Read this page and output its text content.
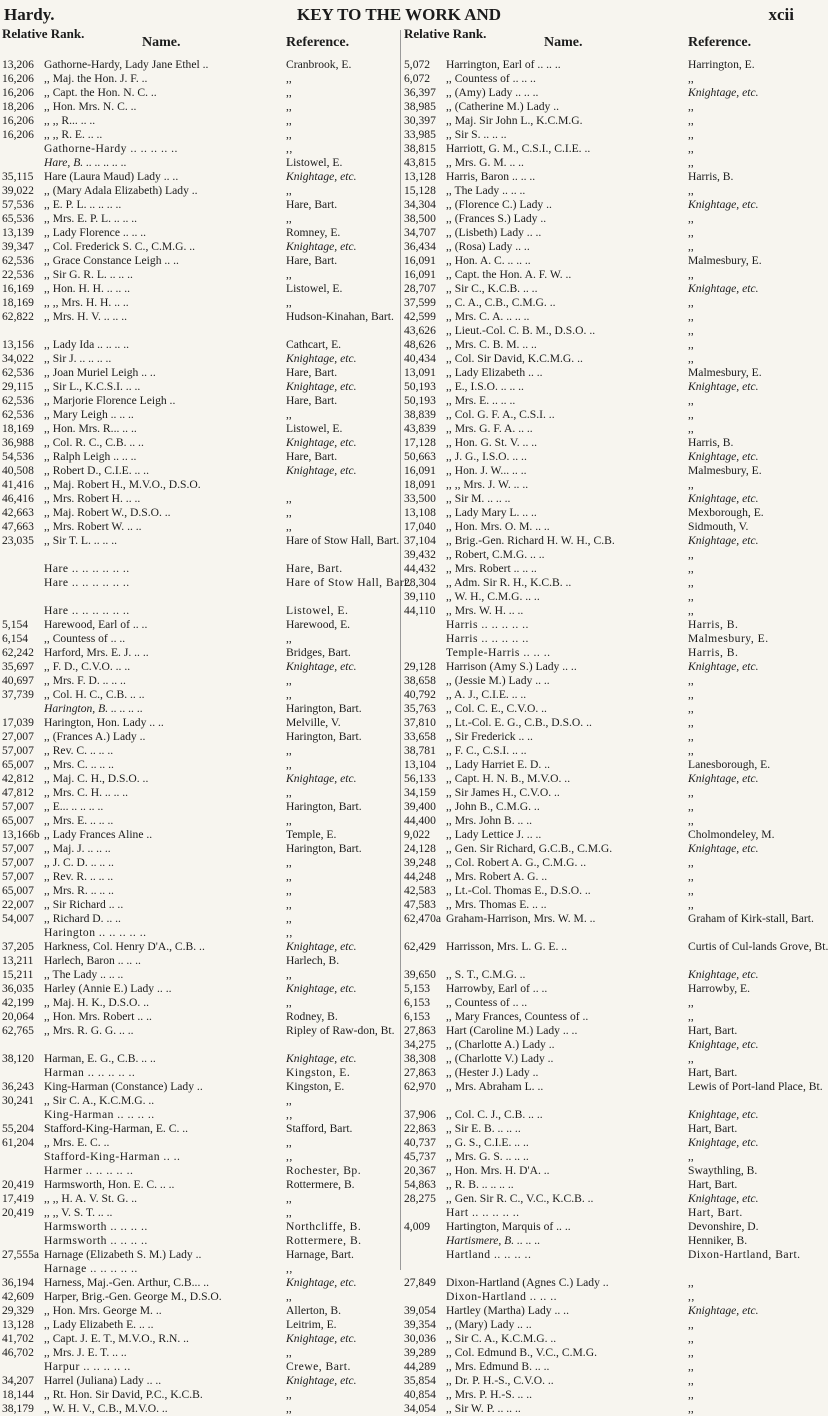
KEY TO THE WORK AND
Hardy.	xcii
Relative Rank.
Name.	Reference.
13,206 Gathorne-Hardy, Lady Jane Ethel ..	Cranbrook, E.
16,206 ,, Maj. the Hon. J. F. ..	,,
16,206 ,, Capt. the Hon. N. C. ..	,,
18,206 ,, Hon. Mrs. N. C. ..	,,
16,206 ,, ,, R... .. ..	,,
16,206 ,, ,, R. E. .. ..	,,
Gathorne-Hardy .. .. .. .. ..	,,
Hare, B. .. .. .. .. ..	Listowel, E.
35,115 Hare (Laura Maud) Lady .. ..	Knightage, etc.
39,022 ,, (Mary Adala Elizabeth) Lady ..	,,
57,536 ,, E. P. L. .. .. .. ..	Hare, Bart.
65,536 ,, Mrs. E. P. L. .. .. ..	,,
13,139 ,, Lady Florence .. .. ..	Romney, E.
39,347 ,, Col. Frederick S. C., C.M.G. ..	Knightage, etc.
62,536 ,, Grace Constance Leigh .. ..	Hare, Bart.
22,536 ,, Sir G. R. L. .. .. ..	,,
16,169 ,, Hon. H. H. .. .. ..	Listowel, E.
18,169 ,, ,, Mrs. H. H. .. ..	,,
62,822 ,, Mrs. H. V. .. .. ..	Hudson-Kinahan, Bart.
13,156 ,, Lady Ida .. .. .. ..	Cathcart, E.
34,022 ,, Sir J. .. .. .. ..	Knightage, etc.
62,536 ,, Joan Muriel Leigh .. ..	Hare, Bart.
29,115 ,, Sir L., K.C.S.I. .. ..	Knightage, etc.
62,536 ,, Marjorie Florence Leigh ..	Hare, Bart.
62,536 ,, Mary Leigh .. .. ..	,,
18,169 ,, Hon. Mrs. R... .. ..	Listowel, E.
36,988 ,, Col. R. C., C.B. .. ..	Knightage, etc.
54,536 ,, Ralph Leigh .. .. ..	Hare, Bart.
40,508 ,, Robert D., C.I.E. .. ..	Knightage, etc.
41,416 ,, Maj. Robert H., M.V.O., D.S.O.
46,416 ,, Mrs. Robert H. .. ..	,,
42,663 ,, Maj. Robert W., D.S.O. ..	,,
47,663 ,, Mrs. Robert W. .. ..	,,
23,035 ,, Sir T. L. .. .. ..	Hare of Stow Hall, Bart.
Hare .. .. .. .. .. ..	Hare, Bart.
Hare .. .. .. .. .. ..	Hare of Stow Hall, Bart.
Hare .. .. .. .. .. ..	Listowel, E.
5,154 Harewood, Earl of .. ..	Harewood, E.
6,154 ,, Countess of .. ..	,,
62,242 Harford, Mrs. E. J. .. ..	Bridges, Bart.
35,697 ,, F. D., C.V.O. .. ..	Knightage, etc.
40,697 ,, Mrs. F. D. .. .. ..	,,
37,739 ,, Col. H. C., C.B. .. ..	,,
Harington, B. .. .. .. ..	Harington, Bart.
17,039 Harington, Hon. Lady .. ..	Melville, V.
27,007 ,, (Frances A.) Lady ..	Harington, Bart.
57,007 ,, Rev. C. .. .. ..	,,
65,007 ,, Mrs. C. .. .. ..	,,
42,812 ,, Maj. C. H., D.S.O. ..	Knightage, etc.
47,812 ,, Mrs. C. H. .. .. ..	,,
57,007 ,, E... .. .. .. ..	Harington, Bart.
65,007 ,, Mrs. E. .. .. ..	,,
13,166b ,, Lady Frances Aline ..	Temple, E.
57,007 ,, Maj. J. .. .. ..	Harington, Bart.
57,007 ,, J. C. D. .. .. ..	,,
57,007 ,, Rev. R. .. .. ..	,,
65,007 ,, Mrs. R. .. .. ..	,,
22,007 ,, Sir Richard .. ..	,,
54,007 ,, Richard D. .. ..	,,
Harington .. .. .. .. ..	,,
37,205 Harkness, Col. Henry D'A., C.B. ..	Knightage, etc.
13,211 Harlech, Baron .. .. ..	Harlech, B.
15,211 ,, The Lady .. .. ..	,,
36,035 Harley (Annie E.) Lady .. ..	Knightage, etc.
42,199 ,, Maj. H. K., D.S.O. ..	,,
20,064 ,, Hon. Mrs. Robert .. ..	Rodney, B.
62,765 ,, Mrs. R. G. G. .. ..	Ripley of Raw-don, Bt.
38,120 Harman, E. G., C.B. .. ..	Knightage, etc.
Harman .. .. .. .. ..	Kingston, E.
36,243 King-Harman (Constance) Lady ..	Kingston, E.
30,241 ,, Sir C. A., K.C.M.G. ..	,,
King-Harman .. .. .. ..	,,
55,204 Stafford-King-Harman, E. C. ..	Stafford, Bart.
61,204 ,, Mrs. E. C. ..	,,
Stafford-King-Harman .. ..	,,
Harmer .. .. .. .. ..	Rochester, Bp.
20,419 Harmsworth, Hon. E. C. .. ..	Rottermere, B.
17,419 ,, ,, H. A. V. St. G. ..	,,
20,419 ,, ,, V. S. T. .. ..	,,
Harmsworth .. .. .. ..	Northcliffe, B.
Harmsworth .. .. .. ..	Rottermere, B.
27,555a Harnage (Elizabeth S. M.) Lady ..	Harnage, Bart.
Harnage .. .. .. .. ..	,,
36,194 Harness, Maj.-Gen. Arthur, C.B... ..	Knightage, etc.
42,609 Harper, Brig.-Gen. George M., D.S.O.	,,
29,329 ,, Hon. Mrs. George M. ..	Allerton, B.
13,128 ,, Lady Elizabeth E. .. ..	Leitrim, E.
41,702 ,, Capt. J. E. T., M.V.O., R.N. ..	Knightage, etc.
46,702 ,, Mrs. J. E. T. .. ..	,,
Harpur .. .. .. .. ..	Crewe, Bart.
34,207 Harrel (Juliana) Lady .. ..	Knightage, etc.
18,144 ,, Rt. Hon. Sir David, P.C., K.C.B.	,,
38,179 ,, W. H. V., C.B., M.V.O. ..	,,
Relative Rank.
Name.	Reference.
5,072 Harrington, Earl of .. .. ..	Harrington, E.
6,072 ,, Countess of .. .. ..	,,
36,397 ,, (Amy) Lady .. .. ..	Knightage, etc.
38,985 ,, (Catherine M.) Lady ..	,,
30,397 ,, Maj. Sir John L., K.C.M.G.	,,
33,985 ,, Sir S. .. .. ..	,,
38,815 Harriott, G. M., C.S.I., C.I.E. ..	,,
43,815 ,, Mrs. G. M. .. ..	,,
13,128 Harris, Baron .. .. ..	Harris, B.
15,128 ,, The Lady .. .. ..	,,
34,304 ,, (Florence C.) Lady ..	Knightage, etc.
38,500 ,, (Frances S.) Lady ..	,,
34,707 ,, (Lisbeth) Lady .. ..	,,
36,434 ,, (Rosa) Lady .. ..	,,
16,091 ,, Hon. A. C. .. .. ..	Malmesbury, E.
16,091 ,, Capt. the Hon. A. F. W. ..	,,
28,707 ,, Sir C., K.C.B. .. ..	Knightage, etc.
37,599 ,, C. A., C.B., C.M.G. ..	,,
42,599 ,, Mrs. C. A. .. .. ..	,,
43,626 ,, Lieut.-Col. C. B. M., D.S.O. ..	,,
48,626 ,, Mrs. C. B. M. .. ..	,,
40,434 ,, Col. Sir David, K.C.M.G. ..	,,
13,091 ,, Lady Elizabeth .. ..	Malmesbury, E.
50,193 ,, E., I.S.O. .. .. ..	Knightage, etc.
50,193 ,, Mrs. E. .. .. ..	,,
38,839 ,, Col. G. F. A., C.S.I. ..	,,
43,839 ,, Mrs. G. F. A. .. ..	,,
17,128 ,, Hon. G. St. V. .. ..	Harris, B.
50,663 ,, J. G., I.S.O. .. ..	Knightage, etc.
16,091 ,, Hon. J. W... .. ..	Malmesbury, E.
18,091 ,, ,, Mrs. J. W. .. ..	,,
33,500 ,, Sir M. .. .. ..	Knightage, etc.
13,108 ,, Lady Mary L. .. ..	Mexborough, E.
17,040 ,, Hon. Mrs. O. M. .. ..	Sidmouth, V.
37,104 ,, Brig.-Gen. Richard H. W. H., C.B.	Knightage, etc.
39,432 ,, Robert, C.M.G. .. ..	,,
44,432 ,, Mrs. Robert .. .. ..	,,
28,304 ,, Adm. Sir R. H., K.C.B. ..	,,
39,110 ,, W. H., C.M.G. .. ..	,,
44,110 ,, Mrs. W. H. .. ..	,,
Harris .. .. .. .. ..	Harris, B.
Harris .. .. .. .. ..	Malmesbury, E.
Temple-Harris .. .. ..	Harris, B.
29,128 Harrison (Amy S.) Lady .. ..	Knightage, etc.
38,658 ,, (Jessie M.) Lady .. ..	,,
40,792 ,, A. J., C.I.E. .. ..	,,
35,763 ,, Col. C. E., C.V.O. ..	,,
37,810 ,, Lt.-Col. E. G., C.B., D.S.O. ..	,,
33,658 ,, Sir Frederick .. ..	,,
38,781 ,, F. C., C.S.I. .. ..	,,
13,104 ,, Lady Harriet E. D. ..	Lanesborough, E.
56,133 ,, Capt. H. N. B., M.V.O. ..	Knightage, etc.
34,159 ,, Sir James H., C.V.O. ..	,,
39,400 ,, John B., C.M.G. ..	,,
44,400 ,, Mrs. John B. .. ..	,,
9,022 ,, Lady Lettice J. .. ..	Cholmondeley, M.
24,128 ,, Gen. Sir Richard, G.C.B., C.M.G.	Knightage, etc.
39,248 ,, Col. Robert A. G., C.M.G. ..	,,
44,248 ,, Mrs. Robert A. G. ..	,,
42,583 ,, Lt.-Col. Thomas E., D.S.O. ..	,,
47,583 ,, Mrs. Thomas E. .. ..	,,
62,470a Graham-Harrison, Mrs. W. M. ..	Graham of Kirk-stall, Bart.
62,429 Harrisson, Mrs. L. G. E. ..	Curtis of Cul-lands Grove, Bt.
39,650 ,, S. T., C.M.G. ..	Knightage, etc.
5,153 Harrowby, Earl of .. ..	Harrowby, E.
6,153 ,, Countess of .. ..	,,
6,153 ,, Mary Frances, Countess of ..	,,
27,863 Hart (Caroline M.) Lady .. ..	Hart, Bart.
34,275 ,, (Charlotte A.) Lady ..	Knightage, etc.
38,308 ,, (Charlotte V.) Lady ..	,,
27,863 ,, (Hester J.) Lady ..	Hart, Bart.
62,970 ,, Mrs. Abraham L. ..	Lewis of Port-land Place, Bt.
37,906 ,, Col. C. J., C.B. .. ..	Knightage, etc.
22,863 ,, Sir E. B. .. .. ..	Hart, Bart.
40,737 ,, G. S., C.I.E. .. ..	Knightage, etc.
45,737 ,, Mrs. G. S. .. .. ..	,,
20,367 ,, Hon. Mrs. H. D'A. ..	Swaythling, B.
54,863 ,, R. B. .. .. .. ..	Hart, Bart.
28,275 ,, Gen. Sir R. C., V.C., K.C.B. ..	Knightage, etc.
Hart .. .. .. .. ..	Hart, Bart.
4,009 Hartington, Marquis of .. ..	Devonshire, D.
Hartismere, B. .. .. ..	Henniker, B.
Hartland .. .. .. ..	Dixon-Hartland, Bart.
27,849 Dixon-Hartland (Agnes C.) Lady ..	,,
Dixon-Hartland .. .. ..	,,
39,054 Hartley (Martha) Lady .. ..	Knightage, etc.
39,354 ,, (Mary) Lady .. ..	,,
30,036 ,, Sir C. A., K.C.M.G. ..	,,
39,289 ,, Col. Edmund B., V.C., C.M.G.	,,
44,289 ,, Mrs. Edmund B. .. ..	,,
35,854 ,, Dr. P. H.-S., C.V.O. ..	,,
40,854 ,, Mrs. P. H.-S. .. ..	,,
34,054 ,, Sir W. P. .. .. ..	,,
